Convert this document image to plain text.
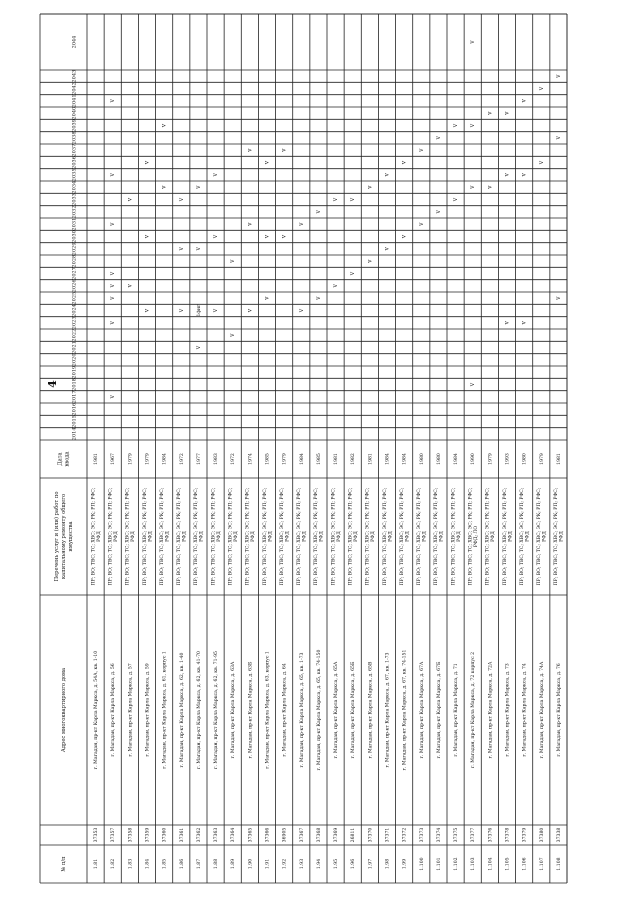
4
№ п/п
Адрес многоквартирного дома
Перечень услуг и (или) работ по капитальному ремонту общего имущества
Дата ввода
2014
2015
2016
2017
2018
2019
2020
2021
2022
2023
2024
2025
2026
2027
2028
2029
2030
2031
2032
2033
2034
2035
2036
2037
2038
2039
2040
2041
2042
2043
2044
1.81
37353
г. Магадан, пр-кт Карла Маркса, д. 54А, кв. 1-10
ПР; ВО; ТВС; ТС; ХВС; ЭС; РК; РП; РФС; РФД
1981
1.82
37357
г. Магадан, пр-кт Карла Маркса, д. 56
ПР; ВО; ТВС; ТС; ХВС; ЭС; РК; РП; РФС; РФД
1967
v
v
v
v
v
v
v
v
1.83
37358
г. Магадан, пр-кт Карла Маркса, д. 57
ПР; ВО; ТВС; ТС; ХВС; ЭС; РК; РП; РФС; РФД
1979
v
v
1.84
37359
г. Магадан, пр-кт Карла Маркса, д. 59
ПР; ВО; ТВС; ТС; ХВС; ЭС; РК; РП; РФС; РФД
1979
v
v
v
1.85
37360
г. Магадан, пр-кт Карла Маркса, д. 61, корпус 1
ПР; ВО; ТВС; ТС; ХВС; ЭС; РК; РП; РФС; РФД
1984
v
v
1.86
37361
г. Магадан, пр-кт Карла Маркса, д. 62, кв. 1-40
ПР; ВО; ТВС; ТС; ХВС; ЭС; РК; РП; РФС; РФД
1972
v
v
v
1.87
37362
г. Магадан, пр-кт Карла Маркса, д. 62, кв. 41-70
ПР; ВО; ТВС; ТС; ХВС; ЭС; РК; РП; РФС; РФД
1977
v
v
v
1фнг
1.88
37363
г. Магадан, пр-кт Карла Маркса, д. 62, кв. 71-95
ПР; ВО; ТВС; ТС; ХВС; ЭС; РК; РП; РФС; РФД
1983
v
v
v
1.89
37364
г. Магадан, пр-кт Карла Маркса, д. 63А
ПР; ВО; ТВС; ТС; ХВС; ЭС; РК; РП; РФС; РФД
1972
v
v
1.90
37365
г. Магадан, пр-кт Карла Маркса, д. 63Б
ПР; ВО; ТВС; ТС; ХВС; ЭС; РК; РП; РФС; РФД
1974
v
v
v
1.91
37366
г. Магадан, пр-кт Карла Маркса, д. 63, корпус 1
ПР; ВО; ТВС; ТС; ХВС; ЭС; РК; РП; РФС; РФД
1985
v
v
v
1.92
36905
г. Магадан, пр-кт Карла Маркса, д. 64
ПР; ВО; ТВС; ТС; ХВС; ЭС; РК; РП; РФС; РФД
1979
v
v
1.93
37367
г. Магадан, пр-кт Карла Маркса, д. 65, кв. 1-73
ПР; ВО; ТВС; ТС; ХВС; ЭС; РК; РП; РФС; РФД
1984
v
v
1.94
37368
г. Магадан, пр-кт Карла Маркса, д. 65, кв. 74-150
ПР; ВО; ТВС; ТС; ХВС; ЭС; РК; РП; РФС; РФД
1985
v
v
1.95
37369
г. Магадан, пр-кт Карла Маркса, д. 65А
ПР; ВО; ТВС; ТС; ХВС; ЭС; РК; РП; РФС; РФД
1981
v
v
1.96
26811
г. Магадан, пр-кт Карла Маркса, д. 65Б
ПР; ВО; ТВС; ТС; ХВС; ЭС; РК; РП; РФС; РФД
1982
v
v
1.97
37370
г. Магадан, пр-кт Карла Маркса, д. 65В
ПР; ВО; ТВС; ТС; ХВС; ЭС; РК; РП; РФС; РФД
1981
v
v
1.98
37371
г. Магадан, пр-кт Карла Маркса, д. 67, кв. 1-73
ПР; ВО; ТВС; ТС; ХВС; ЭС; РК; РП; РФС; РФД
1984
v
v
1.99
37372
г. Магадан, пр-кт Карла Маркса, д. 67, кв. 74-151
ПР; ВО; ТВС; ТС; ХВС; ЭС; РК; РП; РФС; РФД
1984
v
v
1.100
37373
г. Магадан, пр-кт Карла Маркса, д. 67А
ПР; ВО; ТВС; ТС; ХВС; ЭС; РК; РП; РФС; РФД
1980
v
v
1.101
37374
г. Магадан, пр-кт Карла Маркса, д. 67Б
ПР; ВО; ТВС; ТС; ХВС; ЭС; РК; РП; РФС; РФД
1980
v
v
1.102
37375
г. Магадан, пр-кт Карла Маркса, д. 71
ПР; ВО; ТВС; ТС; ХВС; ЭС; РК; РП; РФС; РФД
1984
v
v
1.103
37377
г. Магадан, пр-кт Карла Маркса, д. 72 корпус 2
ПР; ВО; ТВС; ТС; ХВС; ЭС; РК; РП; РФС; РФД; ЛО
1990
v
v
v
v
1.104
37376
г. Магадан, пр-кт Карла Маркса, д. 72А
ПР; ВО; ТВС; ТС; ХВС; ЭС; РК; РП; РФС; РФД
1979
v
v
1.105
37378
г. Магадан, пр-кт Карла Маркса, д. 73
ПР; ВО; ТВС; ТС; ХВС; ЭС; РК; РП; РФС; РФД
1993
v
v
v
1.106
37379
г. Магадан, пр-кт Карла Маркса, д. 74
ПР; ВО; ТВС; ТС; ХВС; ЭС; РК; РП; РФС; РФД
1980
v
v
v
1.107
37380
г. Магадан, пр-кт Карла Маркса, д. 74А
ПР; ВО; ТВС; ТС; ХВС; ЭС; РК; РП; РФС; РФД
1979
v
v
1.108
37338
г. Магадан, пр-кт Карла Маркса, д. 76
ПР; ВО; ТВС; ТС; ХВС; ЭС; РК; РП; РФС; РФД
1981
v
v
v
